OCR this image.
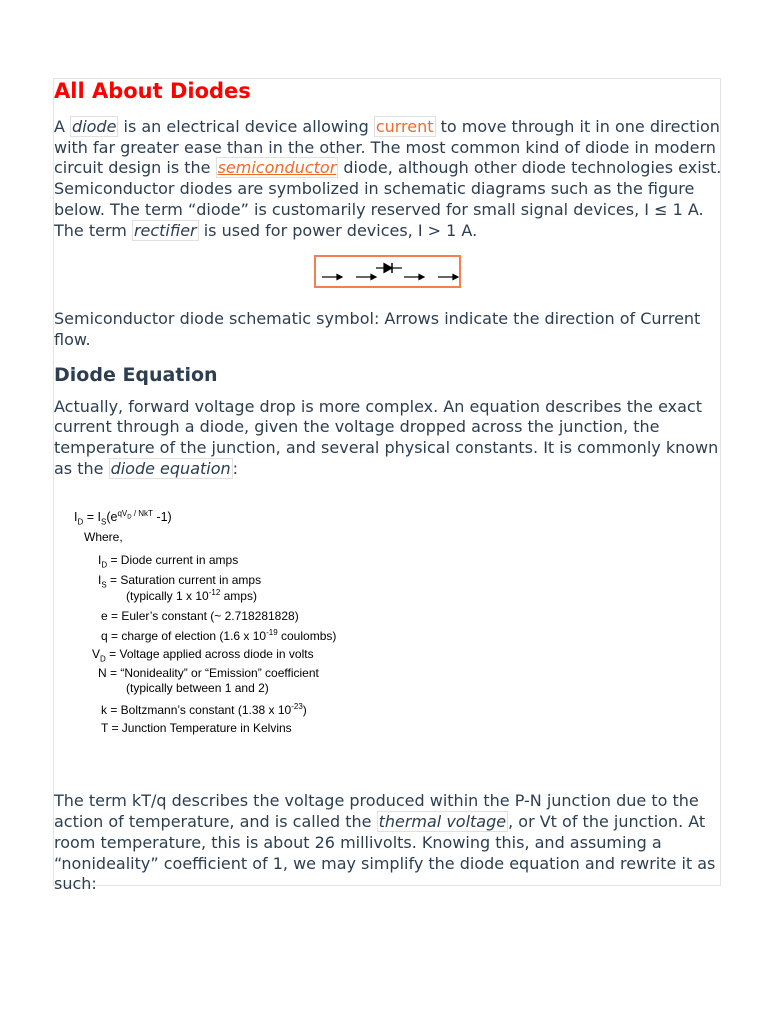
All About Diodes

A diode is an electrical device allowing current to move through it in one direction with far greater ease than in the other. The most common kind of diode in modern circuit design is the semiconductor diode, although other diode technologies exist. Semiconductor diodes are symbolized in schematic diagrams such as the figure below. The term “diode” is customarily reserved for small signal devices, I ≤ 1 A. The term rectifier is used for power devices, I > 1 A.

Semiconductor diode schematic symbol: Arrows indicate the direction of Current flow.

Diode Equation

Actually, forward voltage drop is more complex. An equation describes the exact current through a diode, given the voltage dropped across the junction, the temperature of the junction, and several physical constants. It is commonly known as the diode equation :

$I_D = I_S(e^{qV_D / NkT}$ -1)
Where,
$I_D$ = Diode current in amps
$I_S$ = Saturation current in amps
(typically 1 x $10^{-12}$ amps)
e = Euler’s constant (~ 2.718281828)
q = charge of election (1.6 x $10^{-19}$ coulombs)
$V_D$ = Voltage applied across diode in volts
N = “Nonideality” or “Emission” coefficient
(typically between 1 and 2)
k = Boltzmann’s constant (1.38 x $10^{-23}$)
T = Junction Temperature in Kelvins

The term kT/q describes the voltage produced within the P-N junction due to the action of temperature, and is called the thermal voltage , or Vt of the junction. At room temperature, this is about 26 millivolts. Knowing this, and assuming a “nonideality” coefficient of 1, we may simplify the diode equation and rewrite it as such:
